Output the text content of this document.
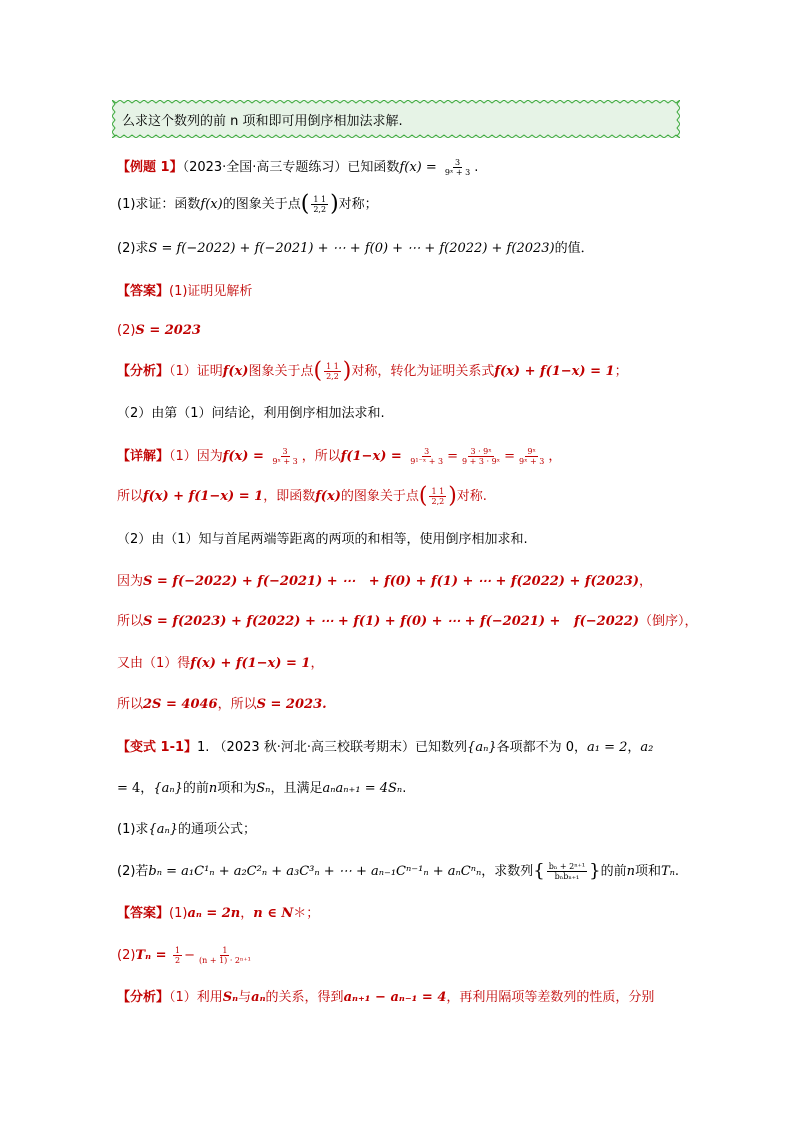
么求这个数列的前 n 项和即可用倒序相加法求解.
【例题 1】（2023·全国·高三专题练习）已知函数$f(x) = \frac{3}{\text{9ˣ + 3}}$ .
(1)求证：函数f(x)的图象关于点( $\frac{1 1}{2,2}$ )对称；
(2)求S = f(−2022) + f(−2021) + ⋯ + f(0) + ⋯ + f(2022) + f(2023)的值．
【答案】(1)证明见解析
(2)S = 2023
【分析】（1）证明f(x)图象关于点( $\frac{1 1}{2,2}$ )对称，转化为证明关系式f(x) + f(1−x) = 1；
（2）由第（1）问结论，利用倒序相加法求和.
【详解】（1）因为$f(x) = \frac{3}{\text{9ˣ + 3}}$ ，所以$f(1-x) = \frac{3}{\text{9¹⁻ˣ + 3}} = \frac{\text{3 · 9ˣ}}{\text{9 + 3 · 9ˣ}} = \frac{\text{9ˣ}}{\text{9ˣ + 3}}$ ，
所以f(x) + f(1−x) = 1，即函数f(x)的图象关于点( $\frac{1 1}{2,2}$ )对称.
（2）由（1）知与首尾两端等距离的两项的和相等，使用倒序相加求和.
因为S = f(−2022) + f(−2021) + ⋯   + f(0) + f(1) + ⋯ + f(2022) + f(2023)，
所以S = f(2023) + f(2022) + ⋯ + f(1) + f(0) + ⋯ + f(−2021) +   f(−2022)（倒序），
又由（1）得f(x) + f(1−x) = 1，
所以2S = 4046，所以S = 2023.
【变式 1-1】1. （2023 秋·河北·高三校联考期末）已知数列{aₙ}各项都不为 0，a₁ = 2，a₂
= 4，{aₙ}的前n项和为Sₙ，且满足aₙaₙ₊₁ = 4Sₙ.
(1)求{aₙ}的通项公式；
(2)若bₙ = a₁C¹ₙ + a₂C²ₙ + a₃C³ₙ + ⋯ + aₙ₋₁Cⁿ⁻¹ₙ + aₙCⁿₙ，求数列{ $\frac{\text{bₙ + 2ⁿ⁺¹}}{\text{bₙbₙ₊₁}}$ }的前n项和Tₙ.
【答案】(1)aₙ = 2n，n ∈ N＊；
$(2)T_n = \frac{1}{2} - \frac{1}{\text{(n + 1) · 2ⁿ⁺¹}}$
【分析】（1）利用Sₙ与aₙ的关系，得到aₙ₊₁ − aₙ₋₁ = 4，再利用隔项等差数列的性质，分别
